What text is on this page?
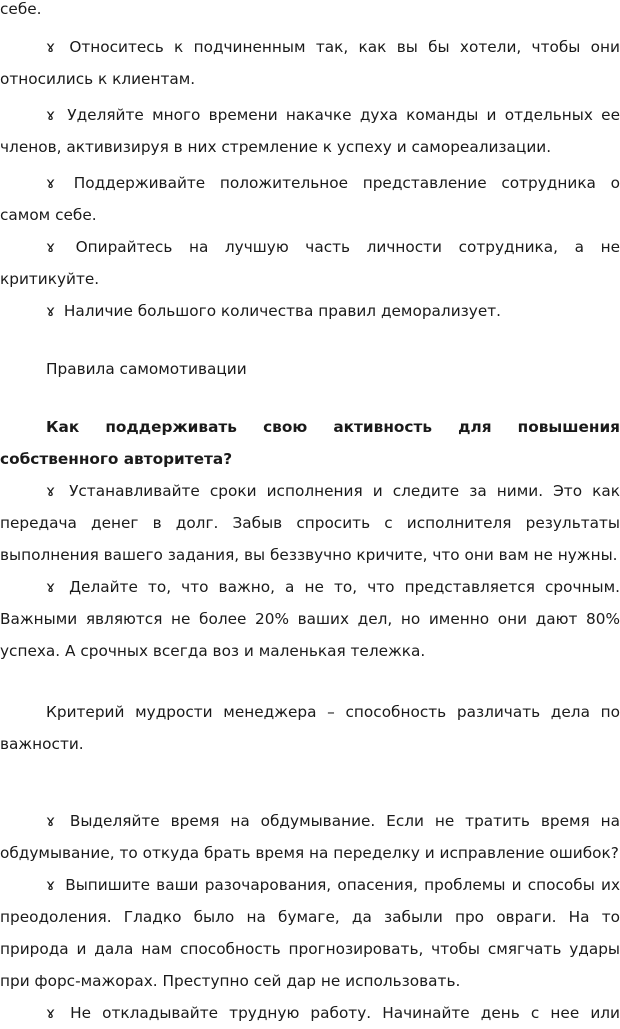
себе.

ɤ Относитесь к подчиненным так, как вы бы хотели, чтобы они относились к клиентам.

ɤ Уделяйте много времени накачке духа команды и отдельных ее членов, активизируя в них стремление к успеху и самореализации.

ɤ Поддерживайте положительное представление сотрудника о самом себе.

ɤ Опирайтесь на лучшую часть личности сотрудника, а не критикуйте.

ɤ Наличие большого количества правил деморализует.

Правила самомотивации

Как поддерживать свою активность для повышения собственного авторитета?

ɤ Устанавливайте сроки исполнения и следите за ними. Это как передача денег в долг. Забыв спросить с исполнителя результаты выполнения вашего задания, вы беззвучно кричите, что они вам не нужны.

ɤ Делайте то, что важно, а не то, что представляется срочным. Важными являются не более 20% ваших дел, но именно они дают 80% успеха. А срочных всегда воз и маленькая тележка.

Критерий мудрости менеджера – способность различать дела по важности.

ɤ Выделяйте время на обдумывание. Если не тратить время на обдумывание, то откуда брать время на переделку и исправление ошибок?

ɤ Выпишите ваши разочарования, опасения, проблемы и способы их преодоления. Гладко было на бумаге, да забыли про овраги. На то природа и дала нам способность прогнозировать, чтобы смягчать удары при форс-мажорах. Преступно сей дар не использовать.

ɤ Не откладывайте трудную работу. Начинайте день с нее или
